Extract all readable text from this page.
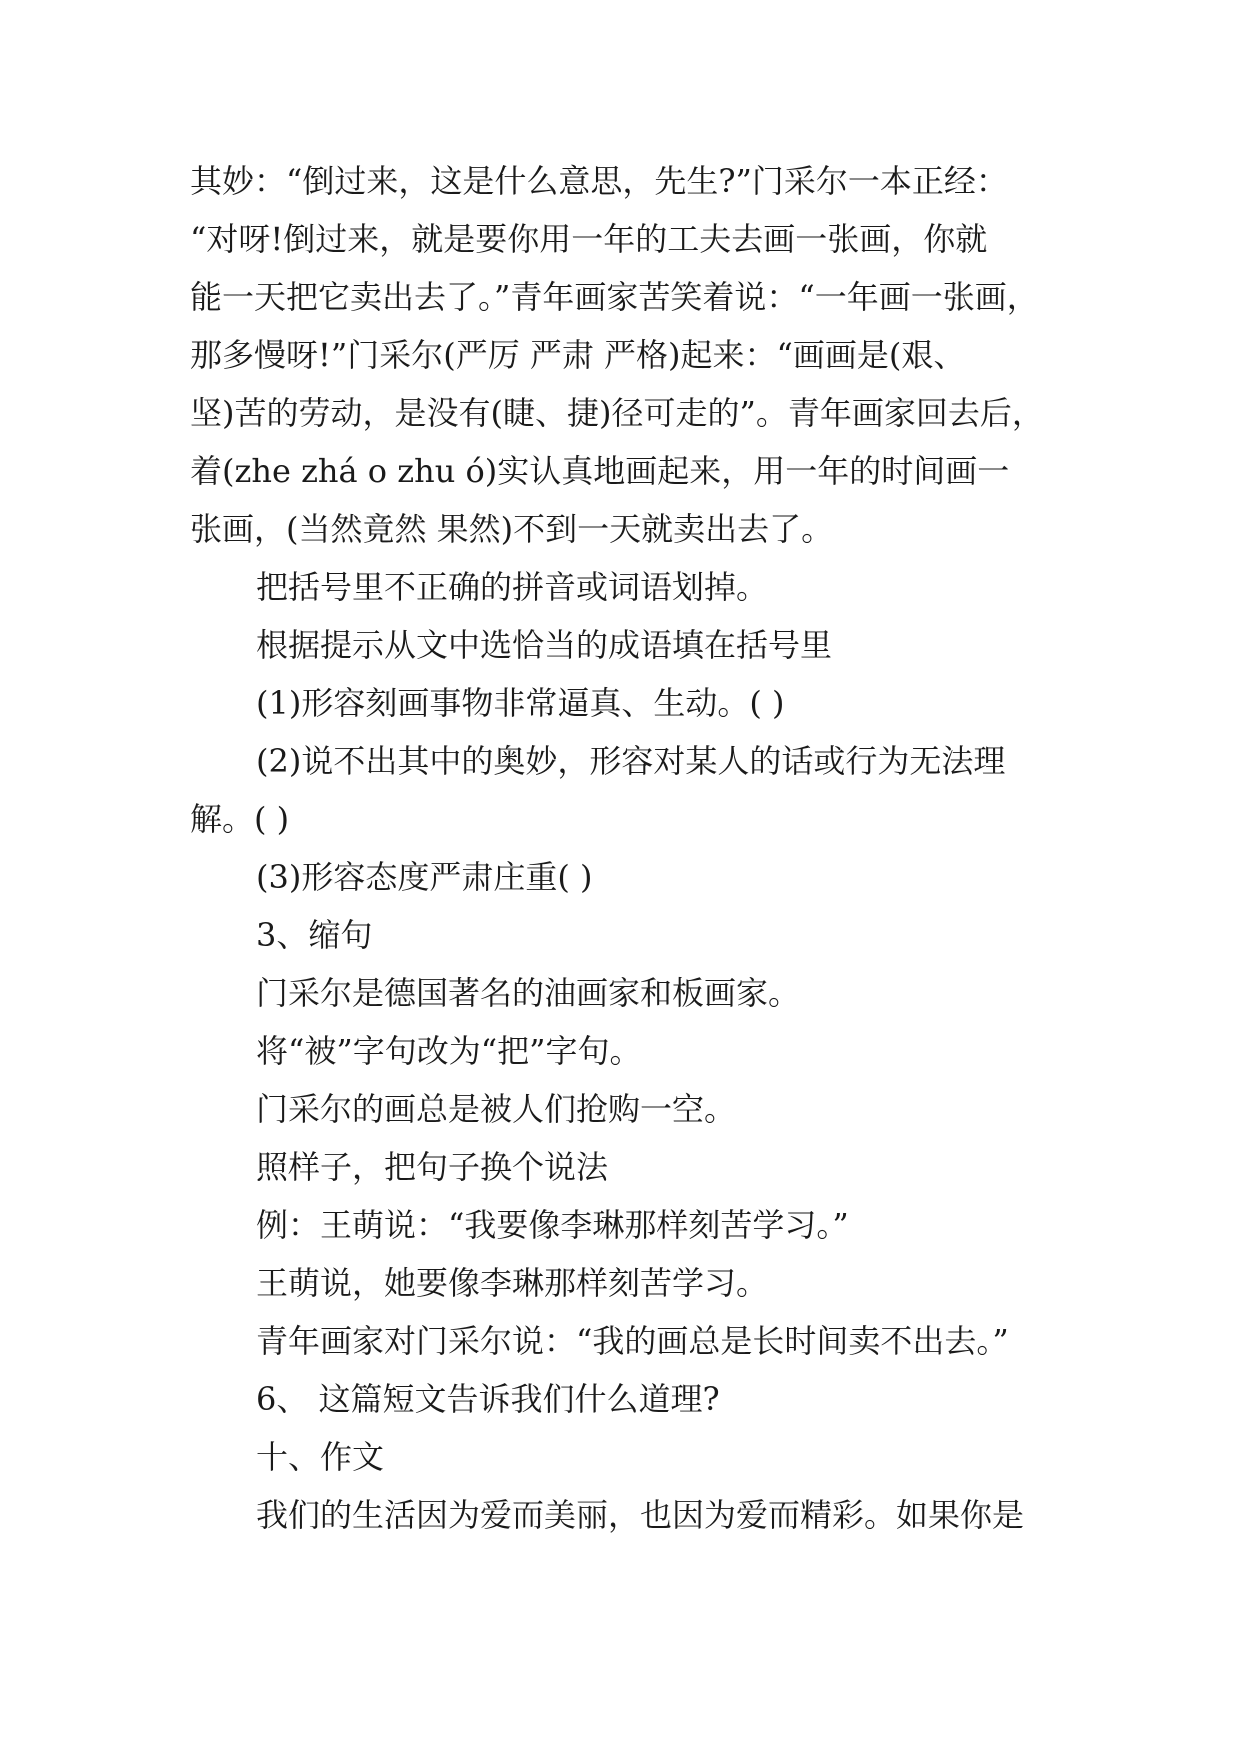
其妙：“倒过来，这是什么意思，先生?”门采尔一本正经：
“对呀!倒过来，就是要你用一年的工夫去画一张画，你就
能一天把它卖出去了。”青年画家苦笑着说：“一年画一张画，
那多慢呀!”门采尔(严厉 严肃 严格)起来：“画画是(艰、
坚)苦的劳动，是没有(睫、捷)径可走的”。青年画家回去后，
着(zhe zhá o zhu ó)实认真地画起来，用一年的时间画一
张画，(当然竟然 果然)不到一天就卖出去了。
把括号里不正确的拼音或词语划掉。
根据提示从文中选恰当的成语填在括号里
(1)形容刻画事物非常逼真、生动。( )
(2)说不出其中的奥妙，形容对某人的话或行为无法理
解。( )
(3)形容态度严肃庄重( )
3、缩句
门采尔是德国著名的油画家和板画家。
将“被”字句改为“把”字句。
门采尔的画总是被人们抢购一空。
照样子，把句子换个说法
例：王萌说：“我要像李琳那样刻苦学习。”
王萌说，她要像李琳那样刻苦学习。
青年画家对门采尔说：“我的画总是长时间卖不出去。”
6、 这篇短文告诉我们什么道理?
十、作文
我们的生活因为爱而美丽，也因为爱而精彩。如果你是
